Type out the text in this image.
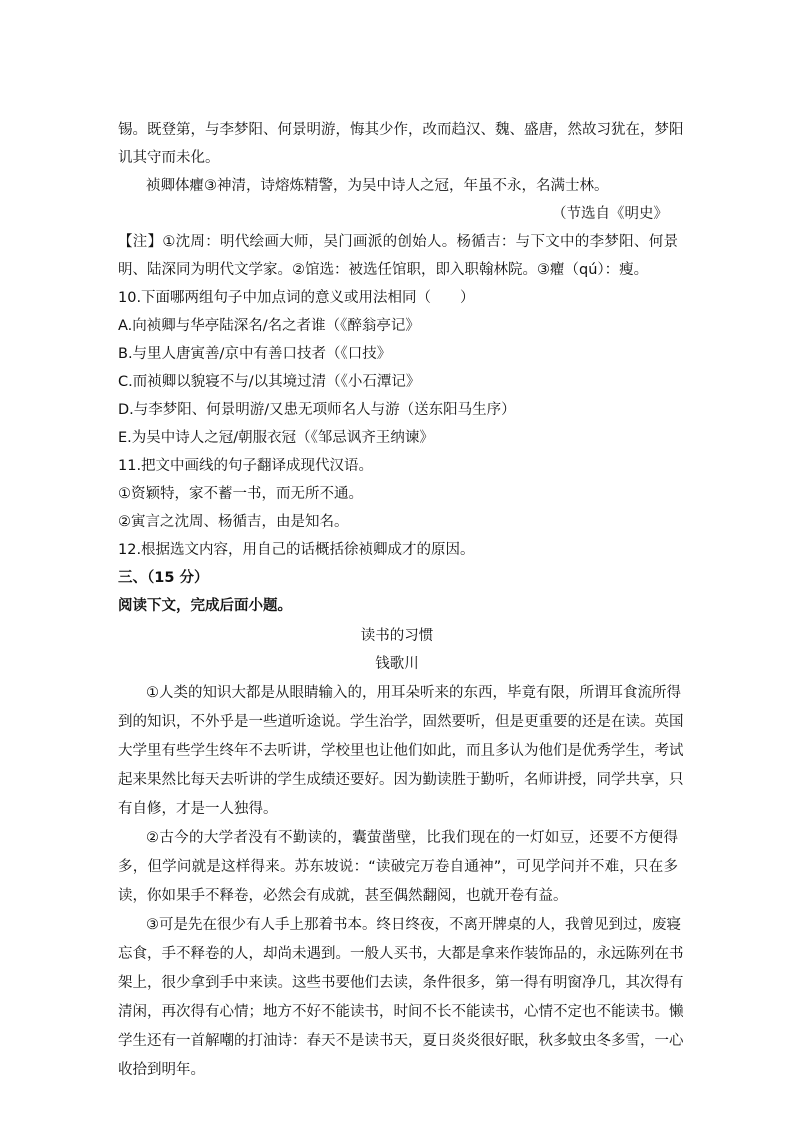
锡。既登第，与李梦阳、何景明游，悔其少作，改而趋汉、魏、盛唐，然故习犹在，梦阳
讥其守而未化。
祯卿体癯③神清，诗熔炼精警，为吴中诗人之冠，年虽不永，名满士林。
（节选自《明史》
【注】①沈周：明代绘画大师，吴门画派的创始人。杨循吉：与下文中的李梦阳、何景
明、陆深同为明代文学家。②馆选：被选任馆职，即入职翰林院。③癯（qú）：瘦。
10.下面哪两组句子中加点词的意义或用法相同（　　）
A.向祯卿与华亭陆深名/名之者谁（《醉翁亭记》
B.与里人唐寅善/京中有善口技者（《口技》
C.而祯卿以貌寝不与/以其境过清（《小石潭记》
D.与李梦阳、何景明游/又患无项师名人与游（送东阳马生序）
E.为吴中诗人之冠/朝服衣冠（《邹忌讽齐王纳谏》
11.把文中画线的句子翻译成现代汉语。
①资颖特，家不蓄一书，而无所不通。
②寅言之沈周、杨循吉，由是知名。
12.根据选文内容，用自己的话概括徐祯卿成才的原因。
三、（15 分）
阅读下文，完成后面小题。
读书的习惯
钱歌川
①人类的知识大都是从眼睛输入的，用耳朵听来的东西，毕竟有限，所谓耳食流所得
到的知识，不外乎是一些道听途说。学生治学，固然要听，但是更重要的还是在读。英国
大学里有些学生终年不去听讲，学校里也让他们如此，而且多认为他们是优秀学生，考试
起来果然比每天去听讲的学生成绩还要好。因为勤读胜于勤听，名师讲授，同学共享，只
有自修，才是一人独得。
②古今的大学者没有不勤读的，囊萤凿壁，比我们现在的一灯如豆，还要不方便得
多，但学问就是这样得来。苏东坡说：“读破完万卷自通神”，可见学问并不难，只在多
读，你如果手不释卷，必然会有成就，甚至偶然翻阅，也就开卷有益。
③可是先在很少有人手上那着书本。终日终夜，不离开牌桌的人，我曾见到过，废寝
忘食，手不释卷的人，却尚未遇到。一般人买书，大都是拿来作装饰品的，永远陈列在书
架上，很少拿到手中来读。这些书要他们去读，条件很多，第一得有明窗净几，其次得有
清闲，再次得有心情；地方不好不能读书，时间不长不能读书，心情不定也不能读书。懒
学生还有一首解嘲的打油诗：春天不是读书天，夏日炎炎很好眠，秋多蚊虫冬多雪，一心
收拾到明年。
